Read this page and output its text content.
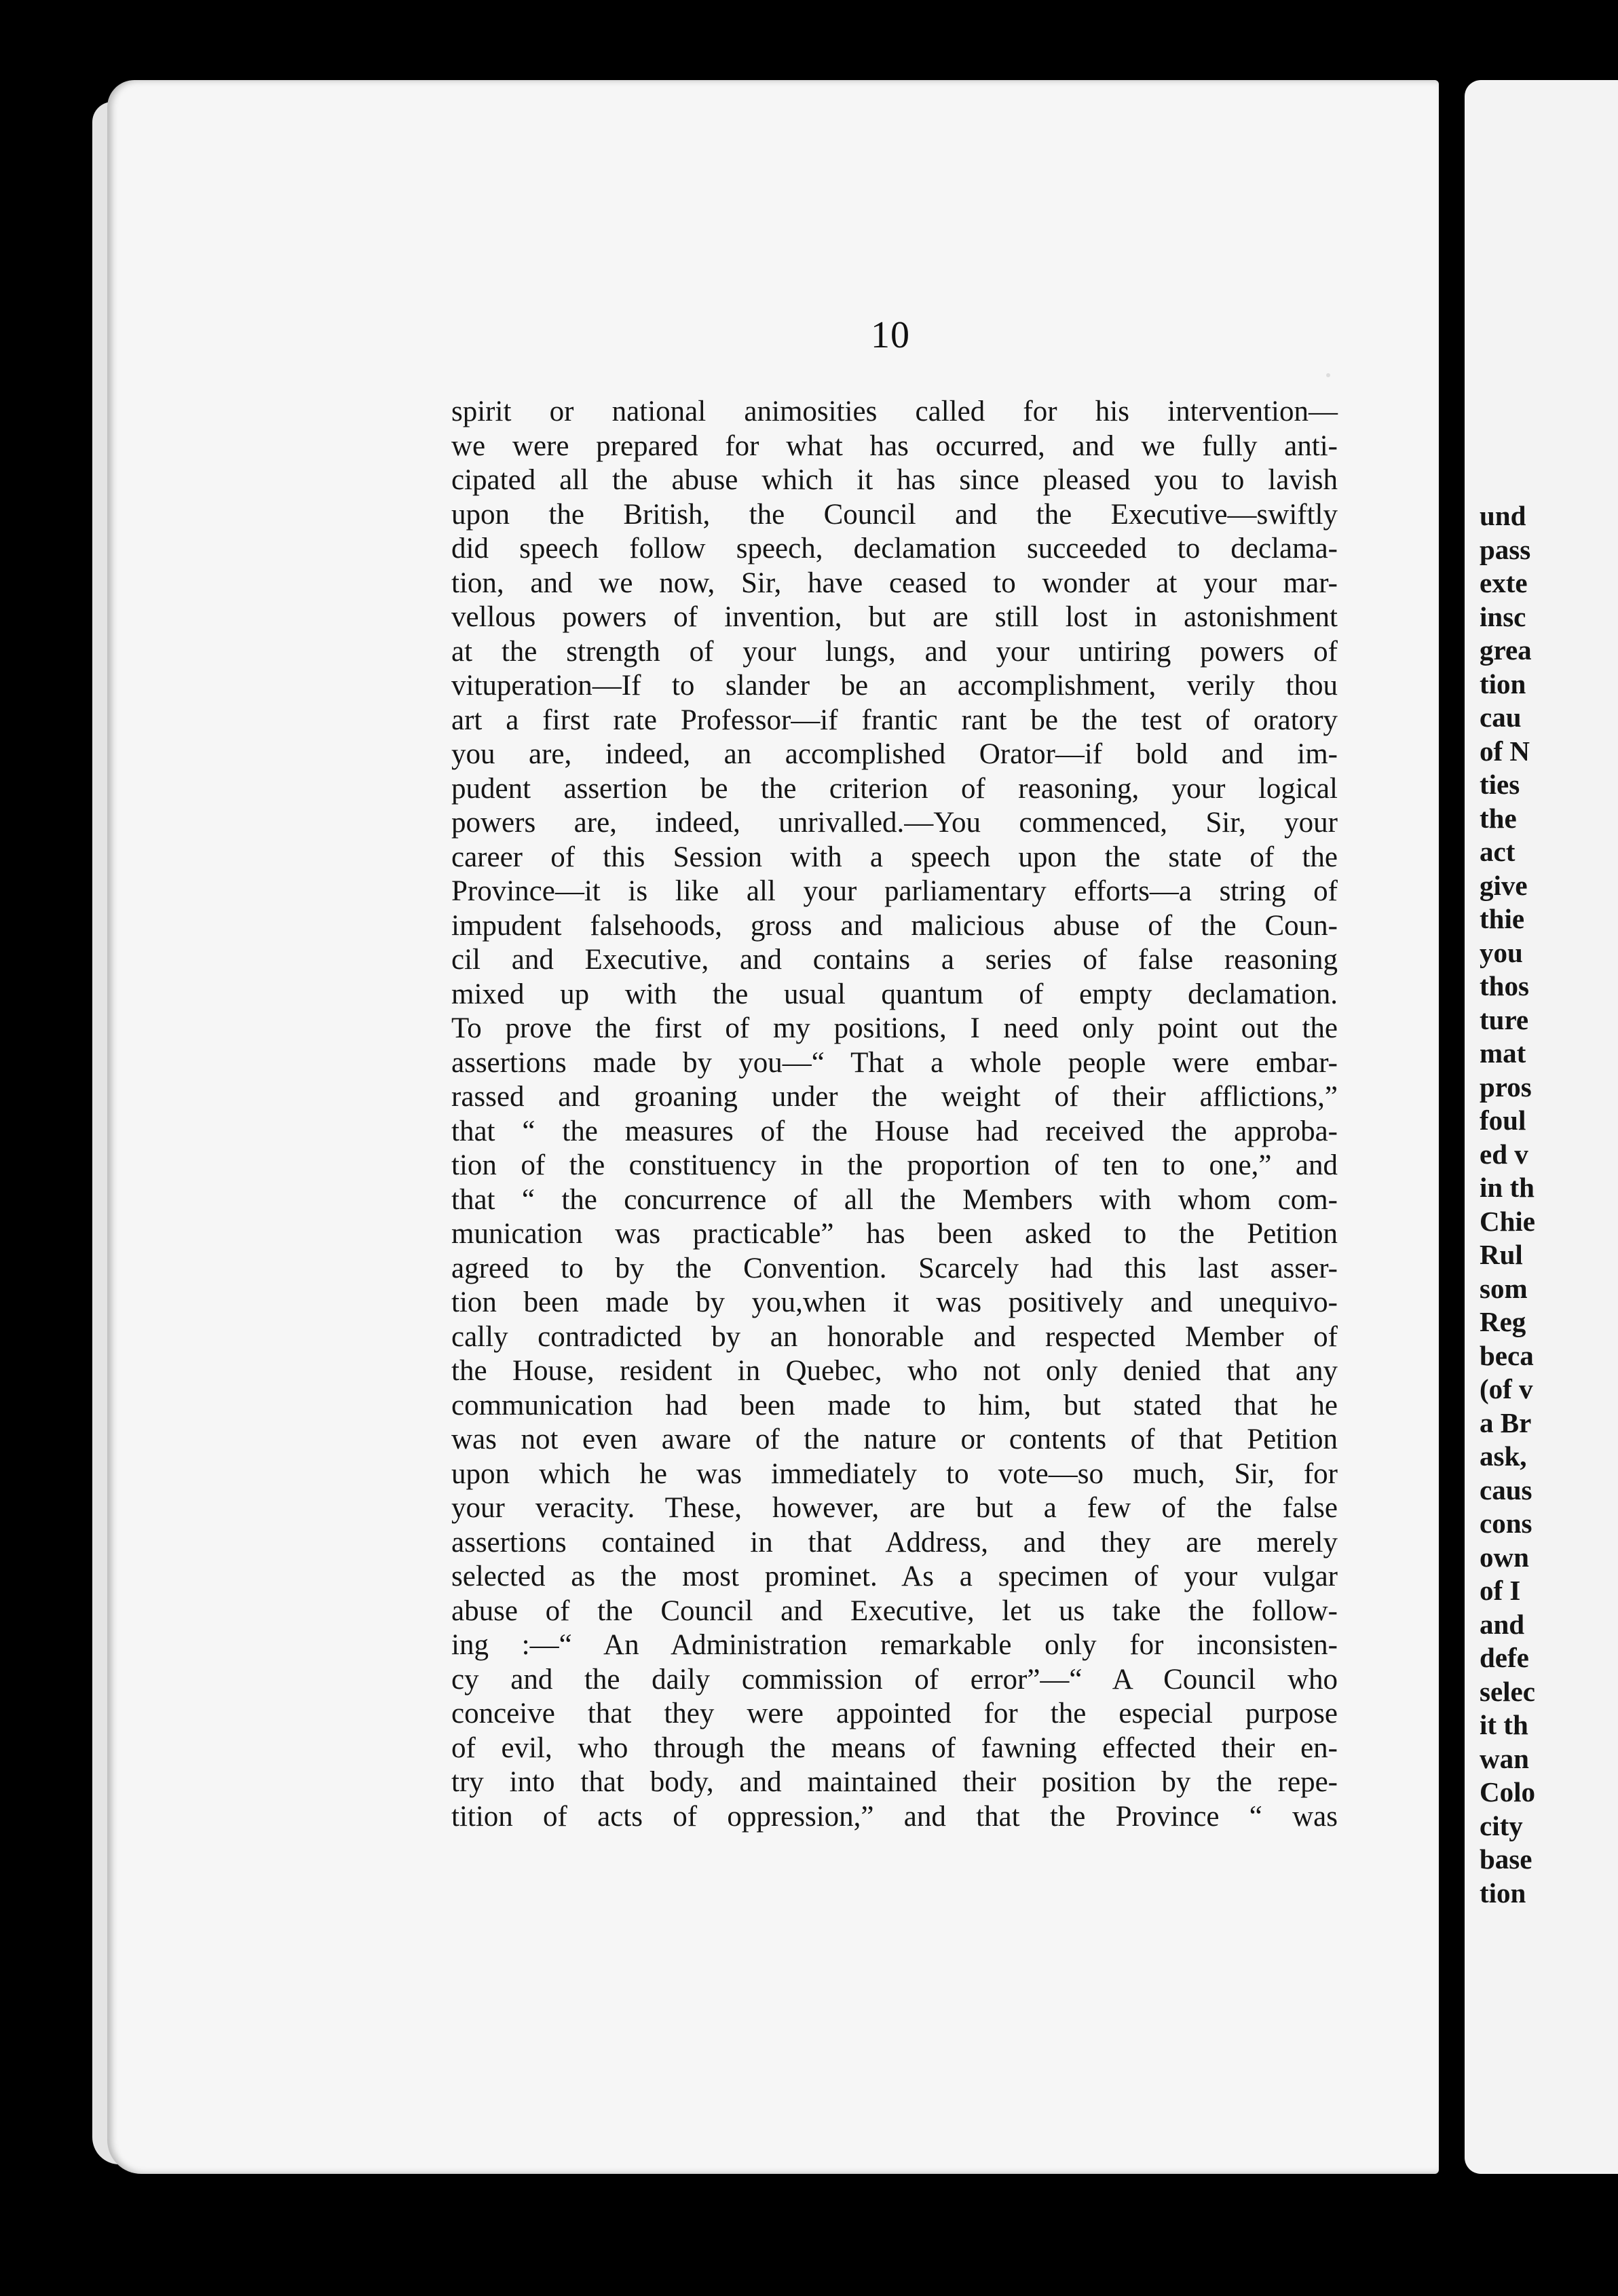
und
pass
exte
insc
grea
tion
cau
of N
ties
the
act
give
thie
you
thos
ture
mat
pros
foul
ed v
in th
Chie
Rul
som
Reg
beca
(of v
a Br
ask,
caus
cons
own
of I
and
defe
selec
it th
wan
Colo
city
base
tion
10
spirit or national animosities called for his intervention—
we were prepared for what has occurred, and we fully anti-
cipated all the abuse which it has since pleased you to lavish
upon the British, the Council and the Executive—swiftly
did speech follow speech, declamation succeeded to declama-
tion, and we now, Sir, have ceased to wonder at your mar-
vellous powers of invention, but are still lost in astonishment
at the strength of your lungs, and your untiring powers of
vituperation—If to slander be an accomplishment, verily thou
art a first rate Professor—if frantic rant be the test of oratory
you are, indeed, an accomplished Orator—if bold and im-
pudent assertion be the criterion of reasoning, your logical
powers are, indeed, unrivalled.—You commenced, Sir, your
career of this Session with a speech upon the state of the
Province—it is like all your parliamentary efforts—a string of
impudent falsehoods, gross and malicious abuse of the Coun-
cil and Executive, and contains a series of false reasoning
mixed up with the usual quantum of empty declamation.
To prove the first of my positions, I need only point out the
assertions made by you—“ That a whole people were embar-
rassed and groaning under the weight of their afflictions,”
that “ the measures of the House had received the approba-
tion of the constituency in the proportion of ten to one,” and
that “ the concurrence of all the Members with whom com-
munication was practicable” has been asked to the Petition
agreed to by the Convention. Scarcely had this last asser-
tion been made by you,when it was positively and unequivo-
cally contradicted by an honorable and respected Member of
the House, resident in Quebec, who not only denied that any
communication had been made to him, but stated that he
was not even aware of the nature or contents of that Petition
upon which he was immediately to vote—so much, Sir, for
your veracity. These, however, are but a few of the false
assertions contained in that Address, and they are merely
selected as the most prominet. As a specimen of your vulgar
abuse of the Council and Executive, let us take the follow-
ing :—“ An Administration remarkable only for inconsisten-
cy and the daily commission of error”—“ A Council who
conceive that they were appointed for the especial purpose
of evil, who through the means of fawning effected their en-
try into that body, and maintained their position by the repe-
tition of acts of oppression,” and that the Province “ was
